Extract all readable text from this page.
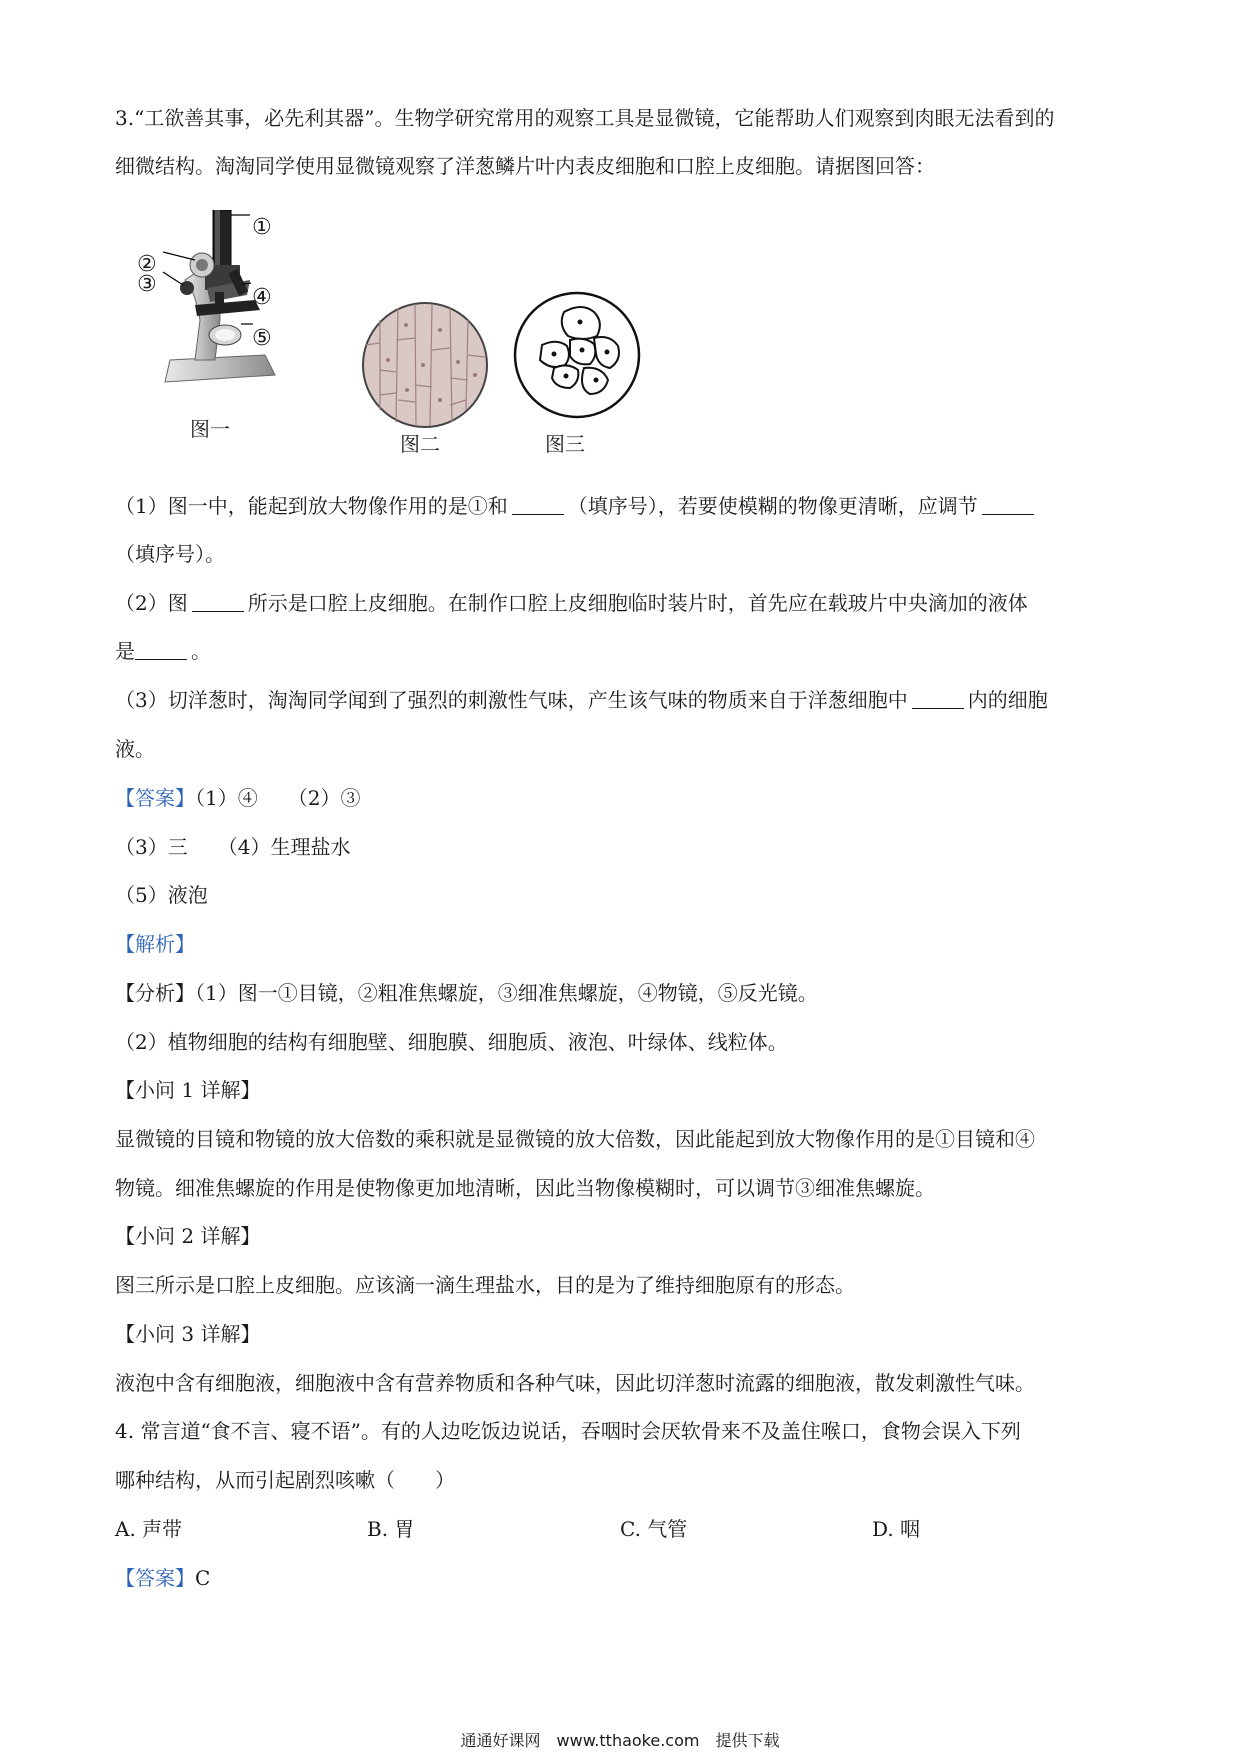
3.“工欲善其事，必先利其器”。生物学研究常用的观察工具是显微镜，它能帮助人们观察到肉眼无法看到的
细微结构。淘淘同学使用显微镜观察了洋葱鳞片叶内表皮细胞和口腔上皮细胞。请据图回答：
①
②
③
④
⑤
图一
图二	图三
（1）图一中，能起到放大物像作用的是①和	（填序号），若要使模糊的物像更清晰，应调节
（填序号）。
（2）图	所示是口腔上皮细胞。在制作口腔上皮细胞临时装片时，首先应在载玻片中央滴加的液体
是	。
（3）切洋葱时，淘淘同学闻到了强烈的刺激性气味，产生该气味的物质来自于洋葱细胞中	内的细胞
液。
【答案】（1）④　　（2）③
（3）三　　（4）生理盐水
（5）液泡
【解析】
【分析】（1）图一①目镜，②粗准焦螺旋，③细准焦螺旋，④物镜，⑤反光镜。
（2）植物细胞的结构有细胞壁、细胞膜、细胞质、液泡、叶绿体、线粒体。
【小问 1 详解】
显微镜的目镜和物镜的放大倍数的乘积就是显微镜的放大倍数，因此能起到放大物像作用的是①目镜和④
物镜。细准焦螺旋的作用是使物像更加地清晰，因此当物像模糊时，可以调节③细准焦螺旋。
【小问 2 详解】
图三所示是口腔上皮细胞。应该滴一滴生理盐水，目的是为了维持细胞原有的形态。
【小问 3 详解】
液泡中含有细胞液，细胞液中含有营养物质和各种气味，因此切洋葱时流露的细胞液，散发刺激性气味。
4. 常言道“食不言、寝不语”。有的人边吃饭边说话，吞咽时会厌软骨来不及盖住喉口，食物会误入下列
哪种结构，从而引起剧烈咳嗽（　　）
A. 声带	B. 胃	C. 气管	D. 咽
【答案】C
通通好课网　www.tthaoke.com　提供下载
